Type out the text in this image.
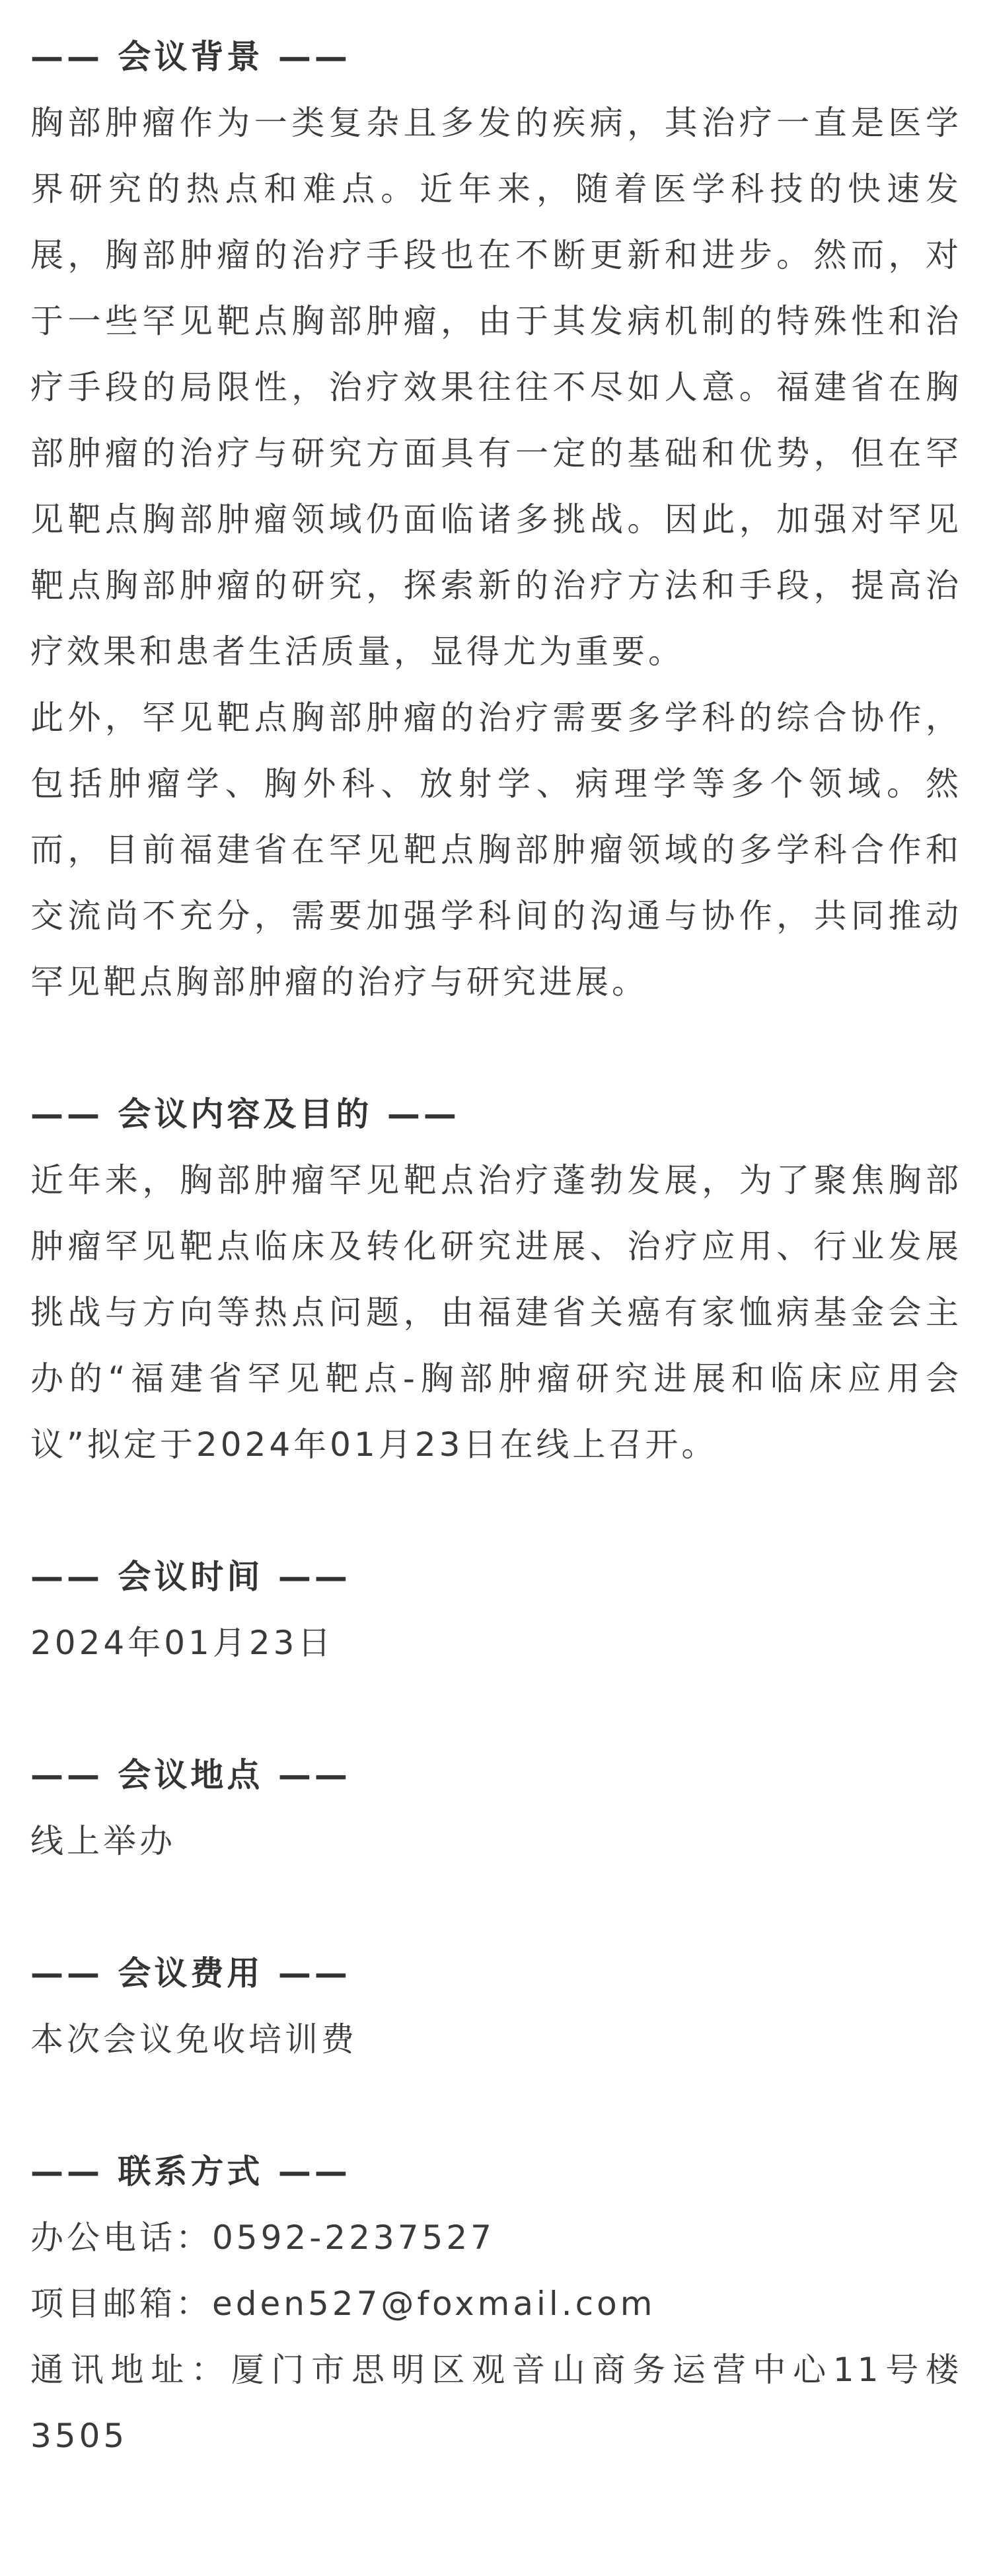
—— 会议背景 ——

胸部肿瘤作为一类复杂且多发的疾病，其治疗一直是医学界研究的热点和难点。近年来，随着医学科技的快速发展，胸部肿瘤的治疗手段也在不断更新和进步。然而，对于一些罕见靶点胸部肿瘤，由于其发病机制的特殊性和治疗手段的局限性，治疗效果往往不尽如人意。福建省在胸部肿瘤的治疗与研究方面具有一定的基础和优势，但在罕见靶点胸部肿瘤领域仍面临诸多挑战。因此，加强对罕见靶点胸部肿瘤的研究，探索新的治疗方法和手段，提高治疗效果和患者生活质量，显得尤为重要。

此外，罕见靶点胸部肿瘤的治疗需要多学科的综合协作，包括肿瘤学、胸外科、放射学、病理学等多个领域。然而，目前福建省在罕见靶点胸部肿瘤领域的多学科合作和交流尚不充分，需要加强学科间的沟通与协作，共同推动罕见靶点胸部肿瘤的治疗与研究进展。

—— 会议内容及目的 ——

近年来，胸部肿瘤罕见靶点治疗蓬勃发展，为了聚焦胸部肿瘤罕见靶点临床及转化研究进展、治疗应用、行业发展挑战与方向等热点问题，由福建省关癌有家恤病基金会主办的“福建省罕见靶点-胸部肿瘤研究进展和临床应用会议”拟定于2024年01月23日在线上召开。

—— 会议时间 ——

2024年01月23日

—— 会议地点 ——

线上举办

—— 会议费用 ——

本次会议免收培训费

—— 联系方式 ——

办公电话：0592-2237527

项目邮箱：eden527@foxmail.com

通讯地址：厦门市思明区观音山商务运营中心11号楼3505
